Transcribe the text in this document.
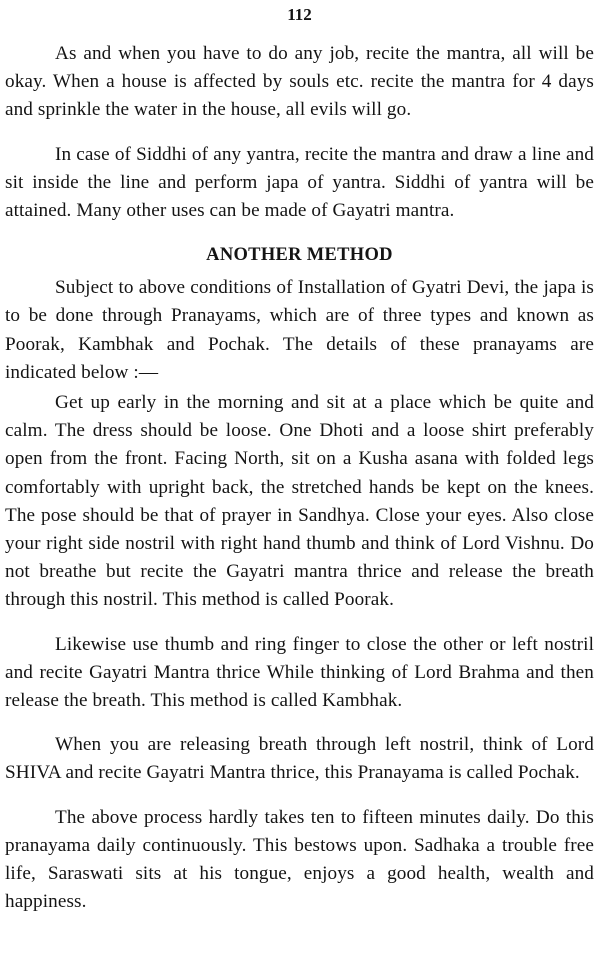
112

As and when you have to do any job, recite the mantra, all will be okay. When a house is affected by souls etc. recite the mantra for 4 days and sprinkle the water in the house, all evils will go.

In case of Siddhi of any yantra, recite the mantra and draw a line and sit inside the line and perform japa of yantra. Siddhi of yantra will be attained. Many other uses can be made of Gayatri mantra.

ANOTHER METHOD

Subject to above conditions of Installation of Gyatri Devi, the japa is to be done through Pranayams, which are of three types and known as Poorak, Kambhak and Pochak. The details of these pranayams are indicated below :—

Get up early in the morning and sit at a place which be quite and calm. The dress should be loose. One Dhoti and a loose shirt preferably open from the front. Facing North, sit on a Kusha asana with folded legs comfortably with upright back, the stretched hands be kept on the knees. The pose should be that of prayer in Sandhya. Close your eyes. Also close your right side nostril with right hand thumb and think of Lord Vishnu. Do not breathe but recite the Gayatri mantra thrice and release the breath through this nostril. This method is called Poorak.

Likewise use thumb and ring finger to close the other or left nostril and recite Gayatri Mantra thrice While thinking of Lord Brahma and then release the breath. This method is called Kambhak.

When you are releasing breath through left nostril, think of Lord SHIVA and recite Gayatri Mantra thrice, this Pranayama is called Pochak.

The above process hardly takes ten to fifteen minutes daily. Do this pranayama daily continuously. This bestows upon. Sadhaka a trouble free life, Saraswati sits at his tongue, enjoys a good health, wealth and happiness.
